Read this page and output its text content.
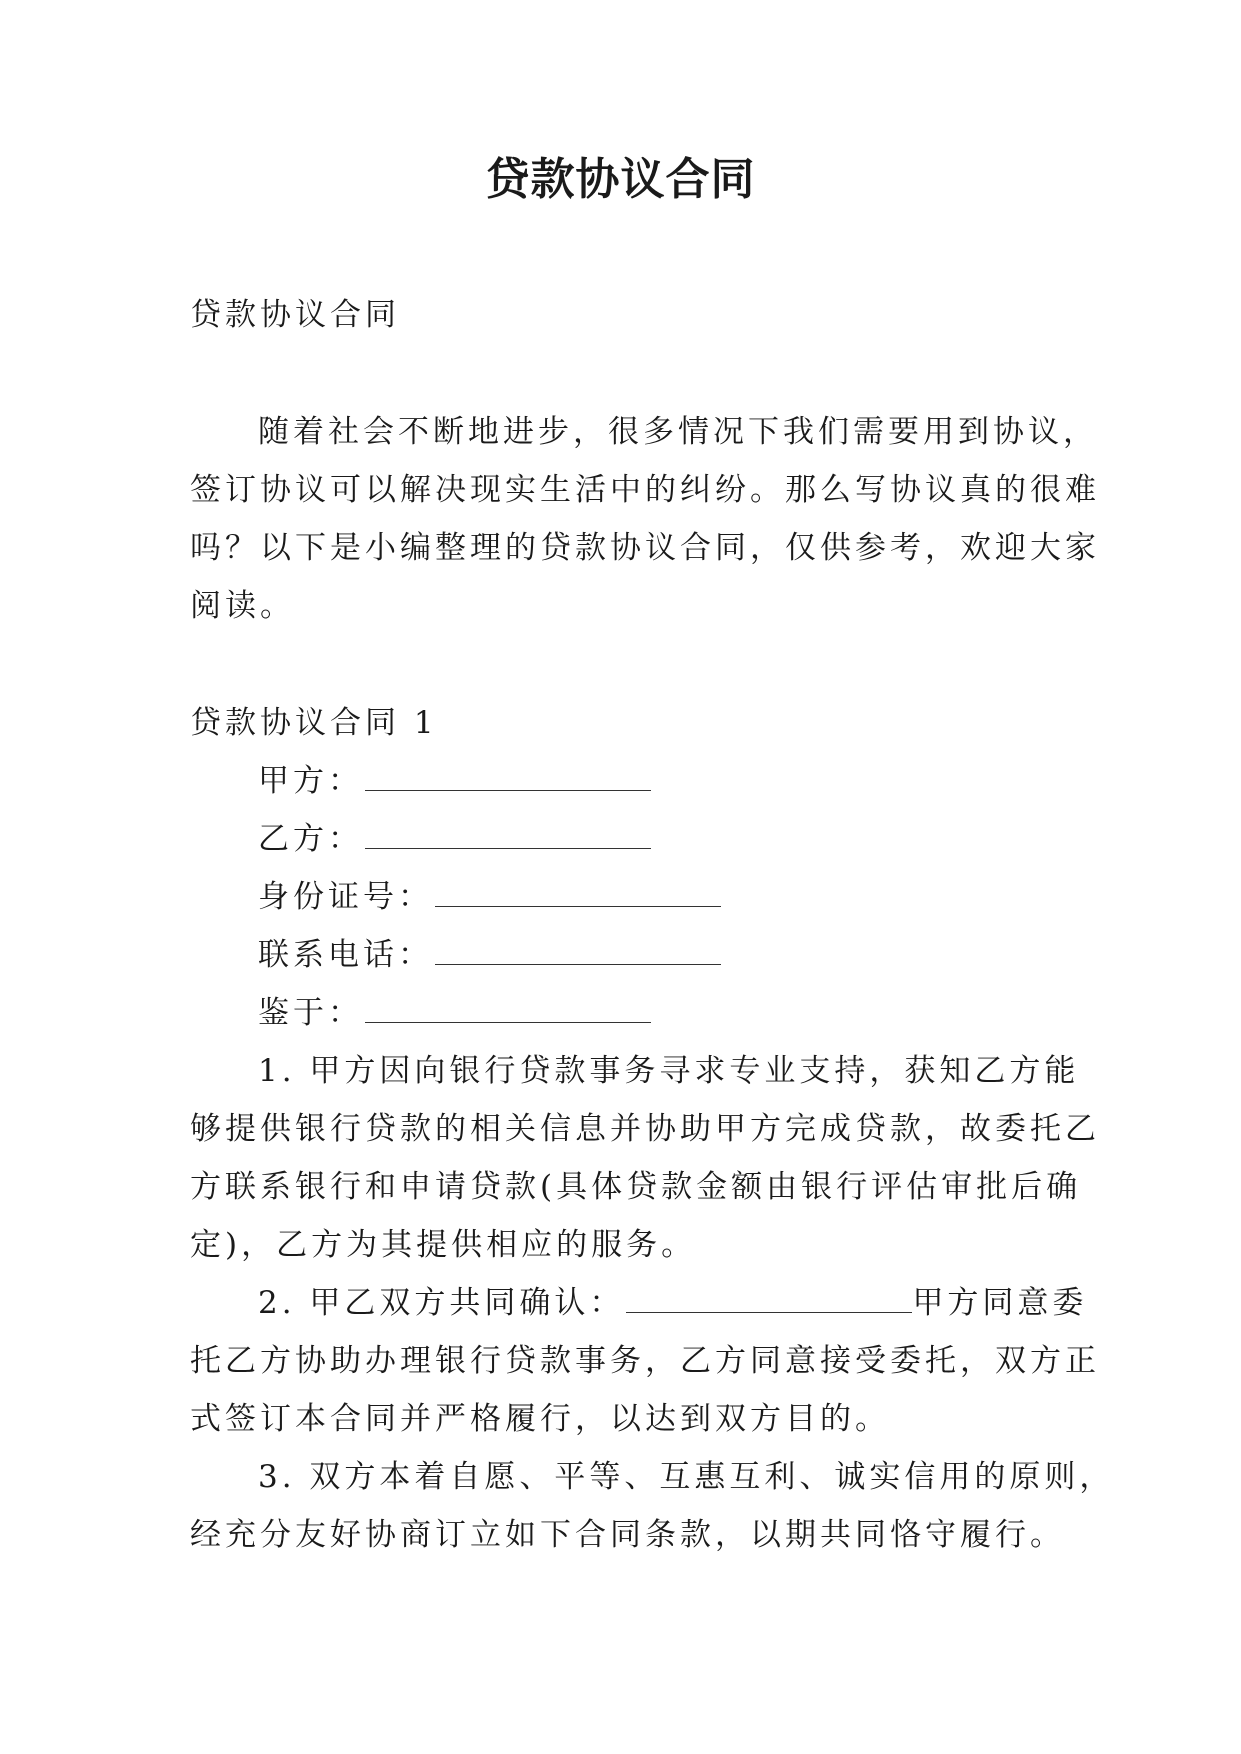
贷款协议合同
贷款协议合同
随着社会不断地进步，很多情况下我们需要用到协议，
签订协议可以解决现实生活中的纠纷。那么写协议真的很难
吗？以下是小编整理的贷款协议合同，仅供参考，欢迎大家
阅读。
贷款协议合同 1
甲方：
乙方：
身份证号：
联系电话：
鉴于：
1. 甲方因向银行贷款事务寻求专业支持，获知乙方能
够提供银行贷款的相关信息并协助甲方完成贷款，故委托乙
方联系银行和申请贷款(具体贷款金额由银行评估审批后确
定)，乙方为其提供相应的服务。
2. 甲乙双方共同确认：	甲方同意委
托乙方协助办理银行贷款事务，乙方同意接受委托，双方正
式签订本合同并严格履行，以达到双方目的。
3. 双方本着自愿、平等、互惠互利、诚实信用的原则，
经充分友好协商订立如下合同条款，以期共同恪守履行。
